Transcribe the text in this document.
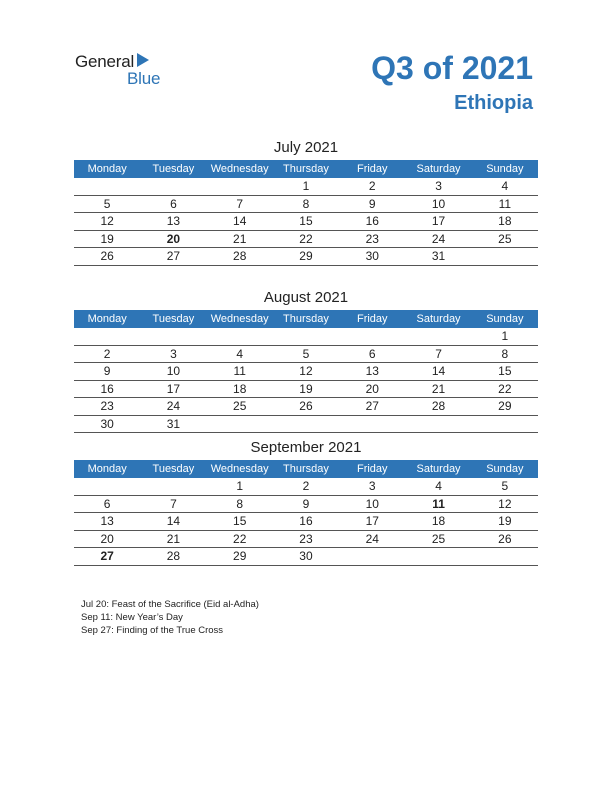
General
Blue	Q3 of 2021
Ethiopia
July 2021
Monday	Tuesday	Wednesday	Thursday	Friday	Saturday	Sunday
			1	2	3	4
5	6	7	8	9	10	11
12	13	14	15	16	17	18
19	20	21	22	23	24	25
26	27	28	29	30	31	
August 2021
Monday	Tuesday	Wednesday	Thursday	Friday	Saturday	Sunday
						1
2	3	4	5	6	7	8
9	10	11	12	13	14	15
16	17	18	19	20	21	22
23	24	25	26	27	28	29
30	31					
September 2021
Monday	Tuesday	Wednesday	Thursday	Friday	Saturday	Sunday
		1	2	3	4	5
6	7	8	9	10	11	12
13	14	15	16	17	18	19
20	21	22	23	24	25	26
27	28	29	30			
Jul 20: Feast of the Sacrifice (Eid al-Adha)
Sep 11: New Year’s Day
Sep 27: Finding of the True Cross
